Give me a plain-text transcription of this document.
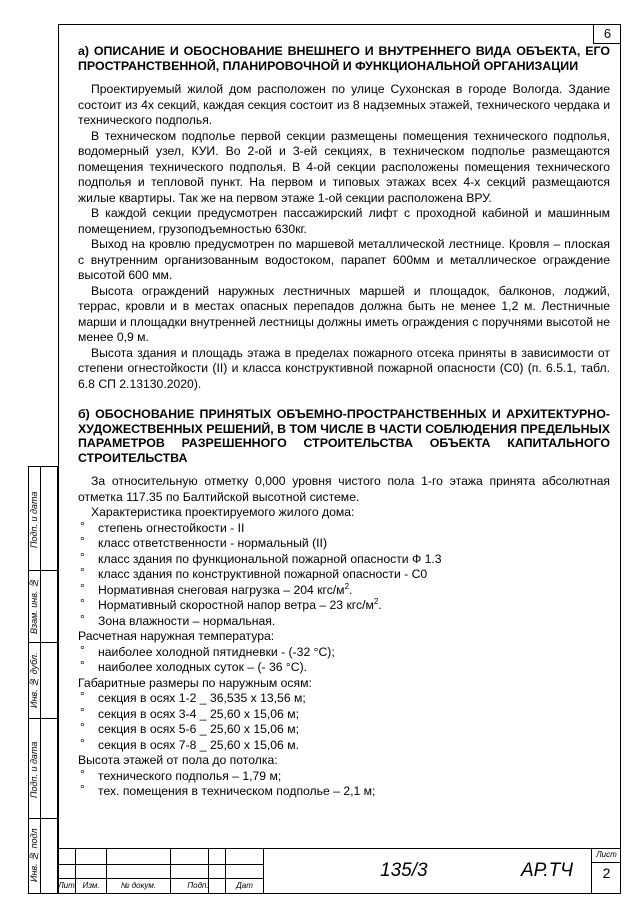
6

а) ОПИСАНИЕ И ОБОСНОВАНИЕ ВНЕШНЕГО И ВНУТРЕННЕГО ВИДА ОБЪЕКТА, ЕГО ПРОСТРАНСТВЕННОЙ, ПЛАНИРОВОЧНОЙ И ФУНКЦИОНАЛЬНОЙ ОРГАНИЗАЦИИ

Проектируемый жилой дом расположен по улице Сухонская в городе Вологда. Здание состоит из 4х секций, каждая секция состоит из 8 надземных этажей, технического чердака и технического подполья.

В техническом подполье первой секции размещены помещения технического подполья, водомерный узел, КУИ. Во 2-ой и 3-ей секциях, в техническом подполье размещаются помещения технического подполья. В 4-ой секции расположены помещения технического подполья и тепловой пункт. На первом и типовых этажах всех 4-х секций размещаются жилые квартиры. Так же на первом этаже 1-ой секции расположена ВРУ.

В каждой секции предусмотрен пассажирский лифт с проходной кабиной и машинным помещением, грузоподъемностью 630кг.

Выход на кровлю предусмотрен по маршевой металлической лестнице. Кровля – плоская с внутренним организованным водостоком, парапет 600мм и металлическое ограждение высотой 600 мм.

Высота ограждений наружных лестничных маршей и площадок, балконов, лоджий, террас, кровли и в местах опасных перепадов должна быть не менее 1,2 м. Лестничные марши и площадки внутренней лестницы должны иметь ограждения с поручнями высотой не менее 0,9 м.

Высота здания и площадь этажа в пределах пожарного отсека приняты в зависимости от степени огнестойкости (II) и класса конструктивной пожарной опасности (С0) (п. 6.5.1, табл. 6.8 СП 2.13130.2020).

б) ОБОСНОВАНИЕ ПРИНЯТЫХ ОБЪЕМНО-ПРОСТРАНСТВЕННЫХ И АРХИТЕКТУРНО-ХУДОЖЕСТВЕННЫХ РЕШЕНИЙ, В ТОМ ЧИСЛЕ В ЧАСТИ СОБЛЮДЕНИЯ ПРЕДЕЛЬНЫХ ПАРАМЕТРОВ РАЗРЕШЕННОГО СТРОИТЕЛЬСТВА ОБЪЕКТА КАПИТАЛЬНОГО СТРОИТЕЛЬСТВА

За относительную отметку 0,000 уровня чистого пола 1-го этажа принята абсолютная отметка 117.35 по Балтийской высотной системе.

Характеристика проектируемого жилого дома:

° степень огнестойкости - II
° класс ответственности - нормальный (II)
° класс здания по функциональной пожарной опасности Ф 1.3
° класс здания по конструктивной пожарной опасности - С0
° Нормативная снеговая нагрузка – 204 кгс/$м^2$.
° Нормативный скоростной напор ветра – 23 кгс/$м^2$.
° Зона влажности – нормальная.

Расчетная наружная температура:

° наиболее холодной пятидневки - (-32 °С);
° наиболее холодных суток – (- 36 °С).

Габаритные размеры по наружным осям:

° секция в осях 1-2 _ 36,535 х 13,56 м;
° секция в осях 3-4 _ 25,60 х 15,06 м;
° секция в осях 5-6 _ 25,60 х 15,06 м;
° секция в осях 7-8 _ 25,60 х 15,06 м.

Высота этажей от пола до потолка:

° технического подполья – 1,79 м;
° тех. помещения в техническом подполье – 2,1 м;
Подп. и дата
Взам. инв. №
Инв. № дубл.
Подп. и дата
Инв. № подл
Лит Изм.	№ докум.	Подп.	Дат
135/3	АР.ТЧ
Лист
2
